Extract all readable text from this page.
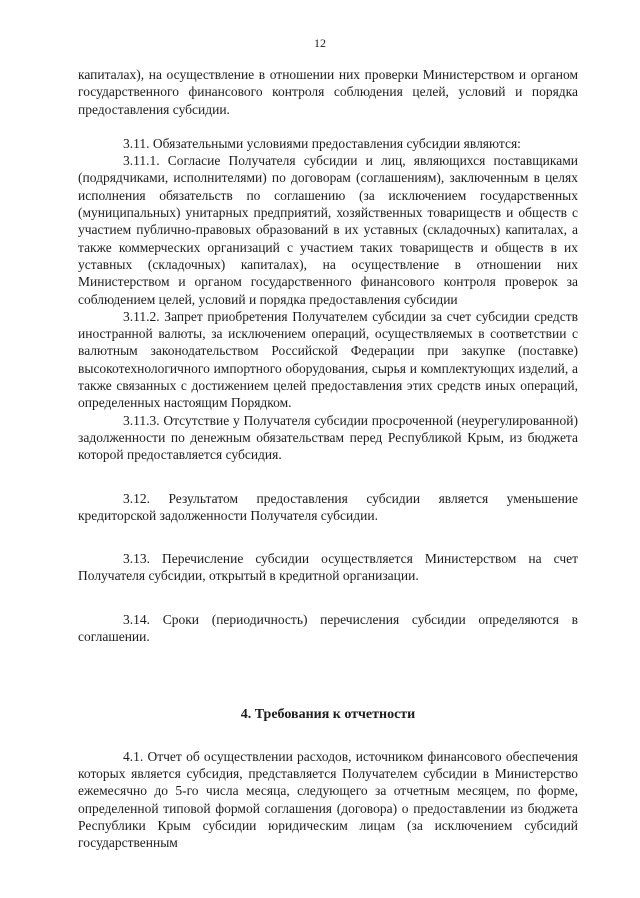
12

капиталах), на осуществление в отношении них проверки Министерством и органом государственного финансового контроля соблюдения целей, условий и порядка предоставления субсидии.

3.11. Обязательными условиями предоставления субсидии являются:

3.11.1. Согласие Получателя субсидии и лиц, являющихся поставщиками (подрядчиками, исполнителями) по договорам (соглашениям), заключенным в целях исполнения обязательств по соглашению (за исключением государственных (муниципальных) унитарных предприятий, хозяйственных товариществ и обществ с участием публично-правовых образований в их уставных (складочных) капиталах, а также коммерческих организаций с участием таких товариществ и обществ в их уставных (складочных) капиталах), на осуществление в отношении них Министерством и органом государственного финансового контроля проверок за соблюдением целей, условий и порядка предоставления субсидии

3.11.2. Запрет приобретения Получателем субсидии за счет субсидии средств иностранной валюты, за исключением операций, осуществляемых в соответствии с валютным законодательством Российской Федерации при закупке (поставке) высокотехнологичного импортного оборудования, сырья и комплектующих изделий, а также связанных с достижением целей предоставления этих средств иных операций, определенных настоящим Порядком.

3.11.3. Отсутствие у Получателя субсидии просроченной (неурегулированной) задолженности по денежным обязательствам перед Республикой Крым, из бюджета которой предоставляется субсидия.

3.12. Результатом предоставления субсидии является уменьшение кредиторской задолженности Получателя субсидии.

3.13. Перечисление субсидии осуществляется Министерством на счет Получателя субсидии, открытый в кредитной организации.

3.14. Сроки (периодичность) перечисления субсидии определяются в соглашении.

4. Требования к отчетности

4.1. Отчет об осуществлении расходов, источником финансового обеспечения которых является субсидия, представляется Получателем субсидии в Министерство ежемесячно до 5-го числа месяца, следующего за отчетным месяцем, по форме, определенной типовой формой соглашения (договора) о предоставлении из бюджета Республики Крым субсидии юридическим лицам (за исключением субсидий государственным
